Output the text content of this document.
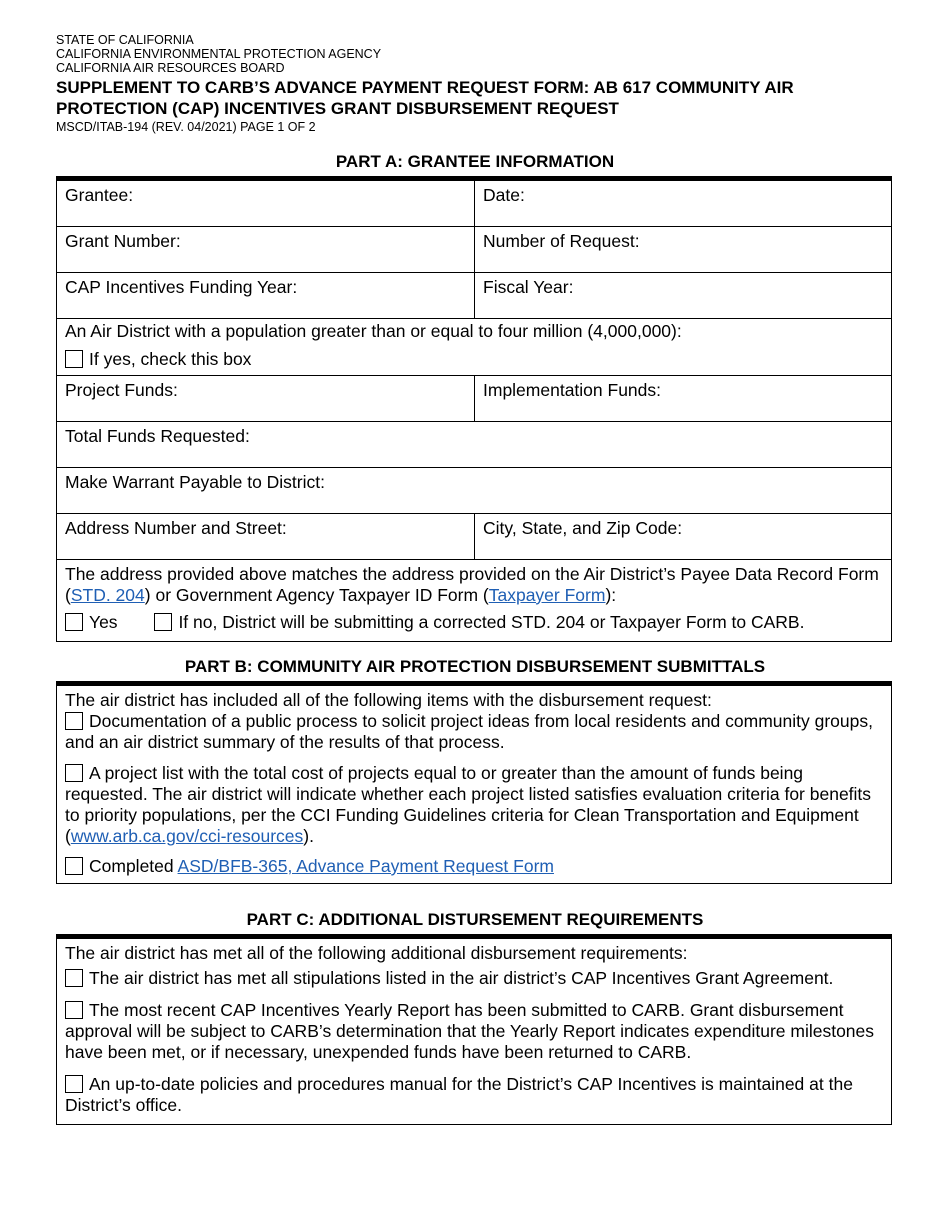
STATE OF CALIFORNIA
CALIFORNIA ENVIRONMENTAL PROTECTION AGENCY
CALIFORNIA AIR RESOURCES BOARD
SUPPLEMENT TO CARB’S ADVANCE PAYMENT REQUEST FORM: AB 617 COMMUNITY AIR PROTECTION (CAP) INCENTIVES GRANT DISBURSEMENT REQUEST
MSCD/ITAB-194 (REV. 04/2021) PAGE 1 OF 2
PART A: GRANTEE INFORMATION
Grantee:	Date:
Grant Number:	Number of Request:
CAP Incentives Funding Year:	Fiscal Year:
An Air District with a population greater than or equal to four million (4,000,000):
If yes, check this box
Project Funds:	Implementation Funds:
Total Funds Requested:
Make Warrant Payable to District:
Address Number and Street:	City, State, and Zip Code:
The address provided above matches the address provided on the Air District’s Payee Data Record Form (STD. 204) or Government Agency Taxpayer ID Form (Taxpayer Form):
Yes	If no, District will be submitting a corrected STD. 204 or Taxpayer Form to CARB.
PART B: COMMUNITY AIR PROTECTION DISBURSEMENT SUBMITTALS
The air district has included all of the following items with the disbursement request:
Documentation of a public process to solicit project ideas from local residents and community groups, and an air district summary of the results of that process.
A project list with the total cost of projects equal to or greater than the amount of funds being requested. The air district will indicate whether each project listed satisfies evaluation criteria for benefits to priority populations, per the CCI Funding Guidelines criteria for Clean Transportation and Equipment (www.arb.ca.gov/cci-resources).
Completed ASD/BFB-365, Advance Payment Request Form
PART C: ADDITIONAL DISTURSEMENT REQUIREMENTS
The air district has met all of the following additional disbursement requirements:
The air district has met all stipulations listed in the air district’s CAP Incentives Grant Agreement.
The most recent CAP Incentives Yearly Report has been submitted to CARB. Grant disbursement approval will be subject to CARB’s determination that the Yearly Report indicates expenditure milestones have been met, or if necessary, unexpended funds have been returned to CARB.
An up-to-date policies and procedures manual for the District’s CAP Incentives is maintained at the District’s office.
